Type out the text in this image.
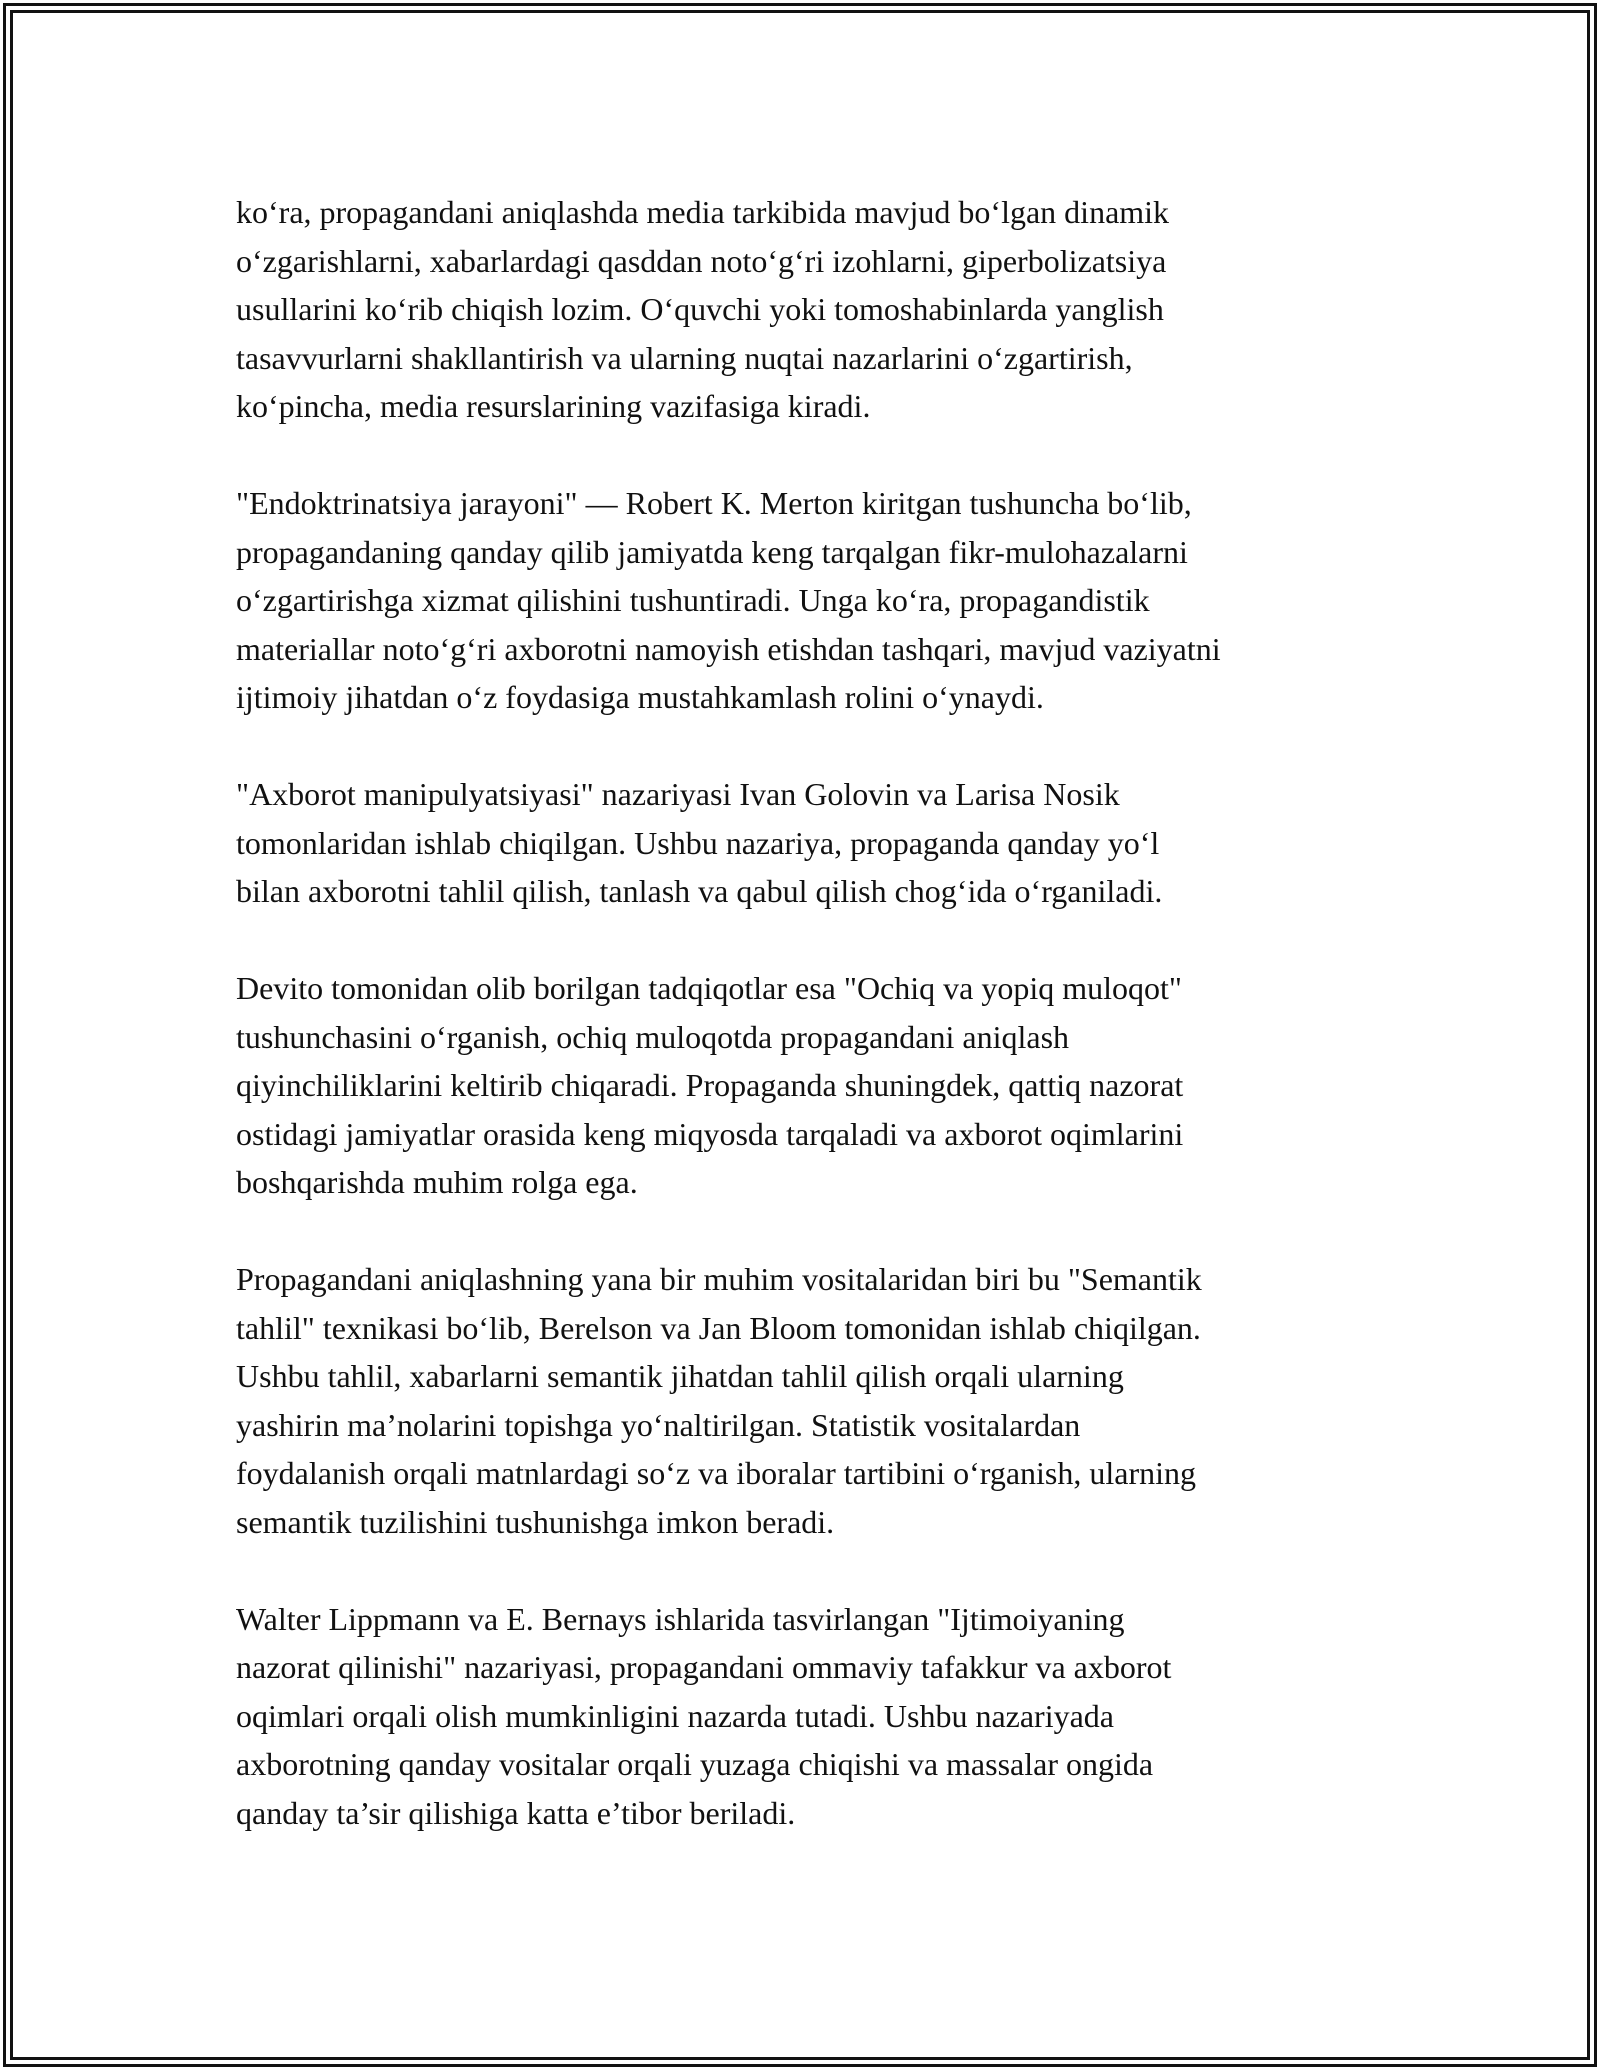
ko‘ra, propagandani aniqlashda media tarkibida mavjud bo‘lgan dinamik
o‘zgarishlarni, xabarlardagi qasddan noto‘g‘ri izohlarni, giperbolizatsiya
usullarini ko‘rib chiqish lozim. O‘quvchi yoki tomoshabinlarda yanglish
tasavvurlarni shakllantirish va ularning nuqtai nazarlarini o‘zgartirish,
ko‘pincha, media resurslarining vazifasiga kiradi.

"Endoktrinatsiya jarayoni" — Robert K. Merton kiritgan tushuncha bo‘lib,
propagandaning qanday qilib jamiyatda keng tarqalgan fikr-mulohazalarni
o‘zgartirishga xizmat qilishini tushuntiradi. Unga ko‘ra, propagandistik
materiallar noto‘g‘ri axborotni namoyish etishdan tashqari, mavjud vaziyatni
ijtimoiy jihatdan o‘z foydasiga mustahkamlash rolini o‘ynaydi.

"Axborot manipulyatsiyasi" nazariyasi Ivan Golovin va Larisa Nosik
tomonlaridan ishlab chiqilgan. Ushbu nazariya, propaganda qanday yo‘l
bilan axborotni tahlil qilish, tanlash va qabul qilish chog‘ida o‘rganiladi.

Devito tomonidan olib borilgan tadqiqotlar esa "Ochiq va yopiq muloqot"
tushunchasini o‘rganish, ochiq muloqotda propagandani aniqlash
qiyinchiliklarini keltirib chiqaradi. Propaganda shuningdek, qattiq nazorat
ostidagi jamiyatlar orasida keng miqyosda tarqaladi va axborot oqimlarini
boshqarishda muhim rolga ega.

Propagandani aniqlashning yana bir muhim vositalaridan biri bu "Semantik
tahlil" texnikasi bo‘lib, Berelson va Jan Bloom tomonidan ishlab chiqilgan.
Ushbu tahlil, xabarlarni semantik jihatdan tahlil qilish orqali ularning
yashirin ma’nolarini topishga yo‘naltirilgan. Statistik vositalardan
foydalanish orqali matnlardagi so‘z va iboralar tartibini o‘rganish, ularning
semantik tuzilishini tushunishga imkon beradi.

Walter Lippmann va E. Bernays ishlarida tasvirlangan "Ijtimoiyaning
nazorat qilinishi" nazariyasi, propagandani ommaviy tafakkur va axborot
oqimlari orqali olish mumkinligini nazarda tutadi. Ushbu nazariyada
axborotning qanday vositalar orqali yuzaga chiqishi va massalar ongida
qanday ta’sir qilishiga katta e’tibor beriladi.
